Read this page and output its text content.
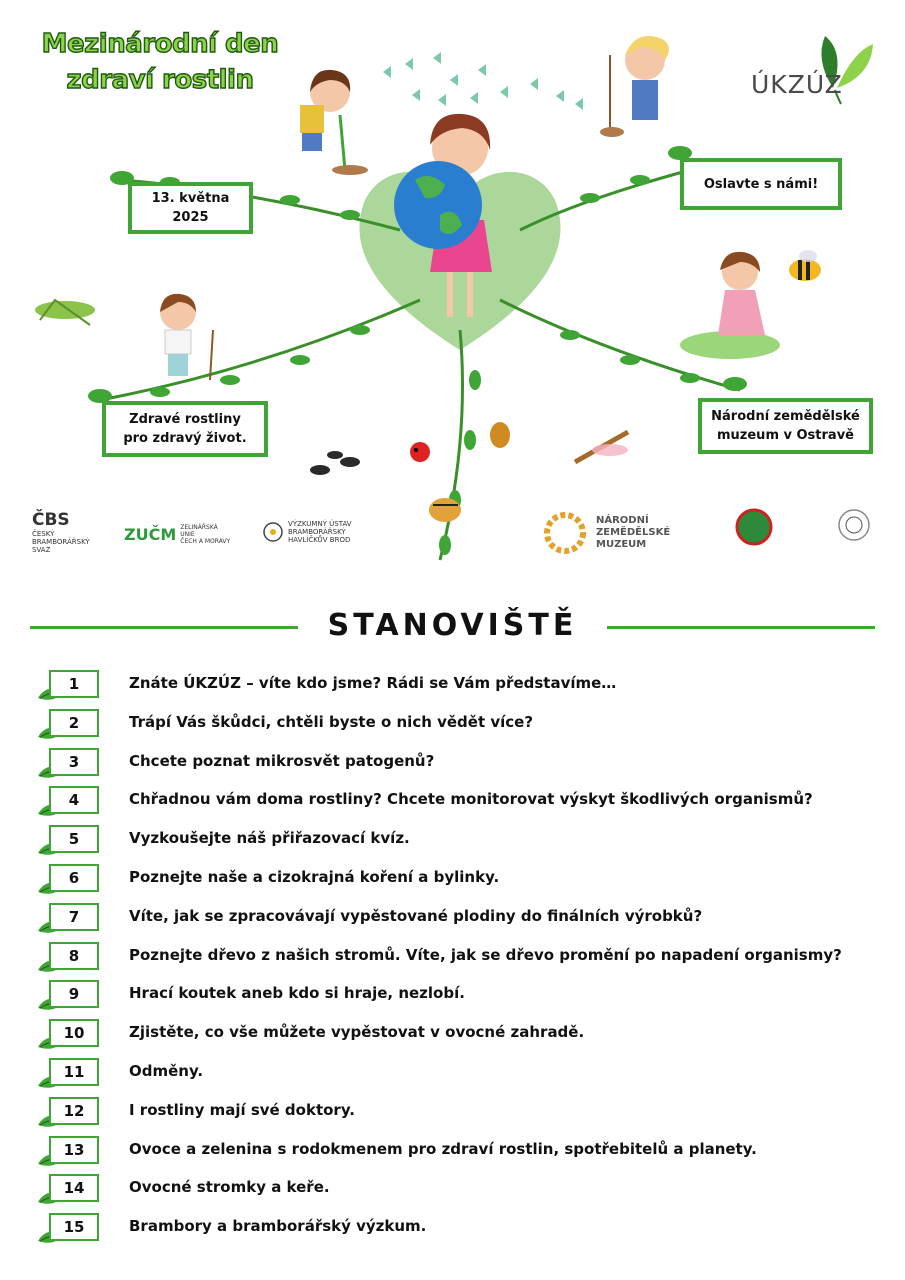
Mezinárodní den
zdraví rostlin	ÚKZÚZ
13. května
2025
Oslavte s námi!
Zdravé rostliny
pro zdravý život.
Národní zemědělské
muzeum v Ostravě
ČBS
ČESKÝ
BRAMBORÁŘSKÝ SVAZ
ZUČM ZELINÁŘSKÁ UNIE
ČECH A MORAVY
VÝZKUMNÝ ÚSTAV
BRAMBORÁŘSKÝ
HAVLÍČKŮV BROD
NÁRODNÍ
ZEMĚDĚLSKÉ
MUZEUM
STANOVIŠTĚ
1	Znáte ÚKZÚZ – víte kdo jsme? Rádi se Vám představíme…
2	Trápí Vás škůdci, chtěli byste o nich vědět více?
3	Chcete poznat mikrosvět patogenů?
4	Chřadnou vám doma rostliny? Chcete monitorovat výskyt škodlivých organismů?
5	Vyzkoušejte náš přiřazovací kvíz.
6	Poznejte naše a cizokrajná koření a bylinky.
7	Víte, jak se zpracovávají vypěstované plodiny do finálních výrobků?
8	Poznejte dřevo z našich stromů. Víte, jak se dřevo promění po napadení organismy?
9	Hrací koutek aneb kdo si hraje, nezlobí.
10	Zjistěte, co vše můžete vypěstovat v ovocné zahradě.
11	Odměny.
12	I rostliny mají své doktory.
13	Ovoce a zelenina s rodokmenem pro zdraví rostlin, spotřebitelů a planety.
14	Ovocné stromky a keře.
15	Brambory a bramborářský výzkum.
